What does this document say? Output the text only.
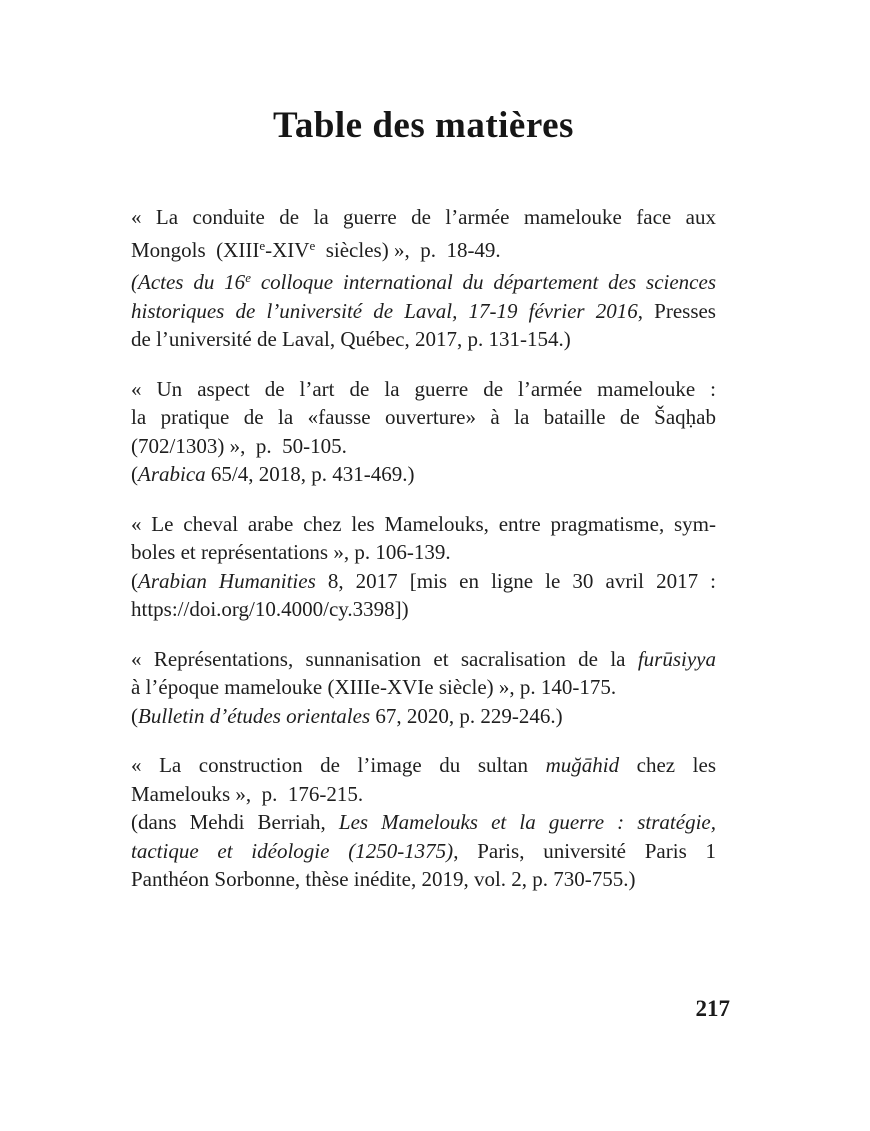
Table des matières
« La conduite de la guerre de l’armée mamelouke face aux
Mongols  (XIIIe-XIVe  siècles) »,  p.  18-49.
(Actes du 16e colloque international du département des sciences
historiques de l’université de Laval, 17-19 février 2016, Presses
de l’université de Laval, Québec, 2017, p. 131-154.)
« Un aspect de l’art de la guerre de l’armée mamelouke :
la pratique de la «fausse ouverture» à la bataille de Šaqḥab
(702/1303) »,  p.  50-105.
(Arabica 65/4, 2018, p. 431-469.)
« Le cheval arabe chez les Mamelouks, entre pragmatisme, sym-
boles et représentations », p. 106-139.
(Arabian Humanities 8, 2017 [mis en ligne le 30 avril 2017 :
https://doi.org/10.4000/cy.3398])
« Représentations, sunnanisation et sacralisation de la furūsiyya
à l’époque mamelouke (XIIIe-XVIe siècle) », p. 140-175.
(Bulletin d’études orientales 67, 2020, p. 229-246.)
« La construction de l’image du sultan muğāhid chez les
Mamelouks »,  p.  176-215.
(dans Mehdi Berriah, Les Mamelouks et la guerre : stratégie,
tactique et idéologie (1250-1375), Paris, université Paris 1
Panthéon Sorbonne, thèse inédite, 2019, vol. 2, p. 730-755.)
217
